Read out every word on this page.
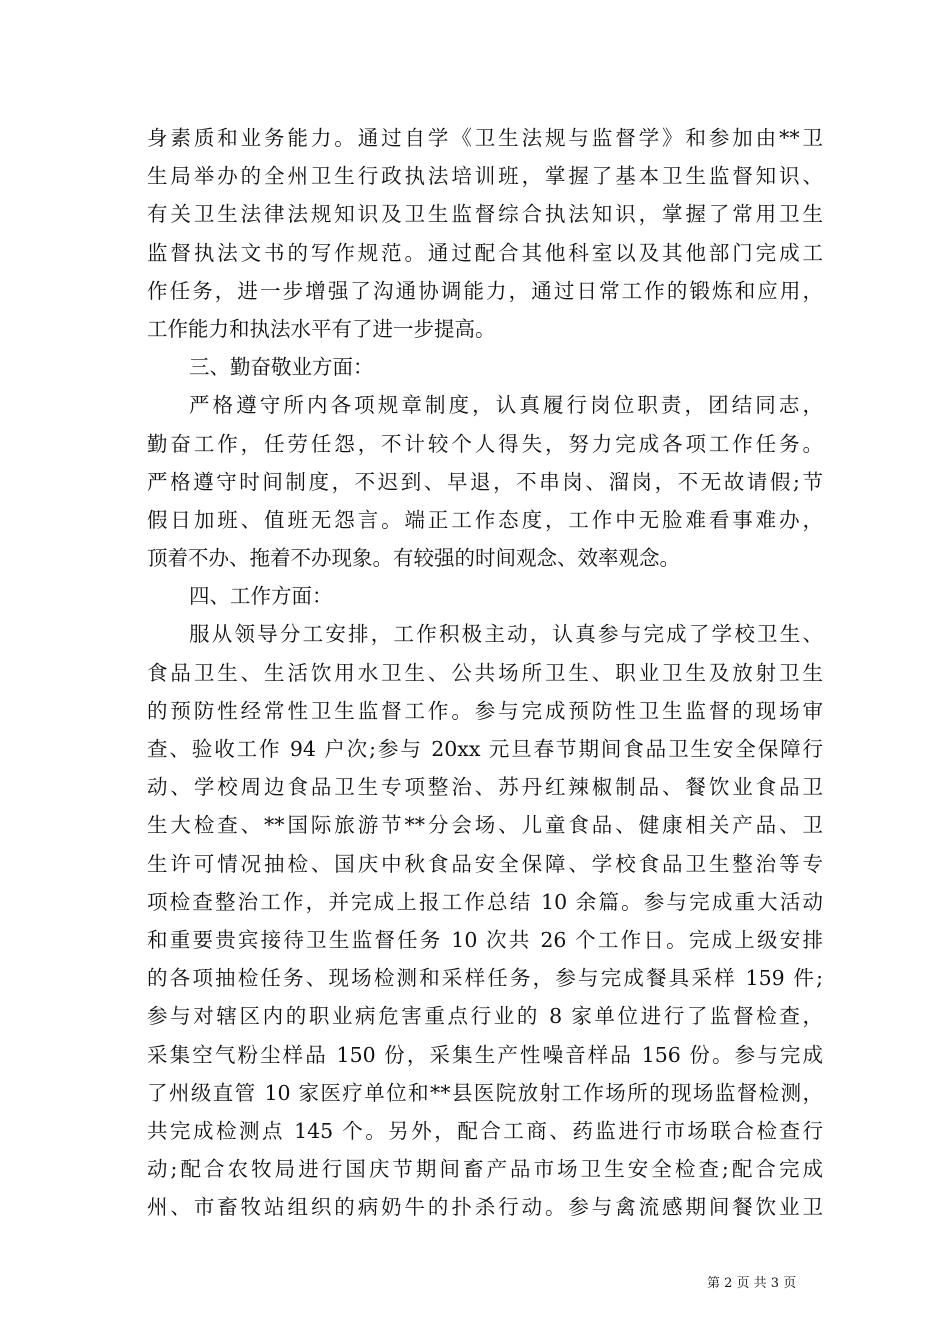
身素质和业务能力。通过自学《卫生法规与监督学》和参加由**卫
生局举办的全州卫生行政执法培训班，掌握了基本卫生监督知识、
有关卫生法律法规知识及卫生监督综合执法知识，掌握了常用卫生
监督执法文书的写作规范。通过配合其他科室以及其他部门完成工
作任务，进一步增强了沟通协调能力，通过日常工作的锻炼和应用，
工作能力和执法水平有了进一步提高。
三、勤奋敬业方面：
严格遵守所内各项规章制度，认真履行岗位职责，团结同志，
勤奋工作，任劳任怨，不计较个人得失，努力完成各项工作任务。
严格遵守时间制度，不迟到、早退，不串岗、溜岗，不无故请假;节
假日加班、值班无怨言。端正工作态度，工作中无脸难看事难办，
顶着不办、拖着不办现象。有较强的时间观念、效率观念。
四、工作方面：
服从领导分工安排，工作积极主动，认真参与完成了学校卫生、
食品卫生、生活饮用水卫生、公共场所卫生、职业卫生及放射卫生
的预防性经常性卫生监督工作。参与完成预防性卫生监督的现场审
查、验收工作 94 户次;参与 20xx 元旦春节期间食品卫生安全保障行
动、学校周边食品卫生专项整治、苏丹红辣椒制品、餐饮业食品卫
生大检查、**国际旅游节**分会场、儿童食品、健康相关产品、卫
生许可情况抽检、国庆中秋食品安全保障、学校食品卫生整治等专
项检查整治工作，并完成上报工作总结 10 余篇。参与完成重大活动
和重要贵宾接待卫生监督任务 10 次共 26 个工作日。完成上级安排
的各项抽检任务、现场检测和采样任务，参与完成餐具采样 159 件;
参与对辖区内的职业病危害重点行业的 8 家单位进行了监督检查，
采集空气粉尘样品 150 份，采集生产性噪音样品 156 份。参与完成
了州级直管 10 家医疗单位和**县医院放射工作场所的现场监督检测，
共完成检测点 145 个。另外，配合工商、药监进行市场联合检查行
动;配合农牧局进行国庆节期间畜产品市场卫生安全检查;配合完成
州、市畜牧站组织的病奶牛的扑杀行动。参与禽流感期间餐饮业卫
第 2 页 共 3 页
